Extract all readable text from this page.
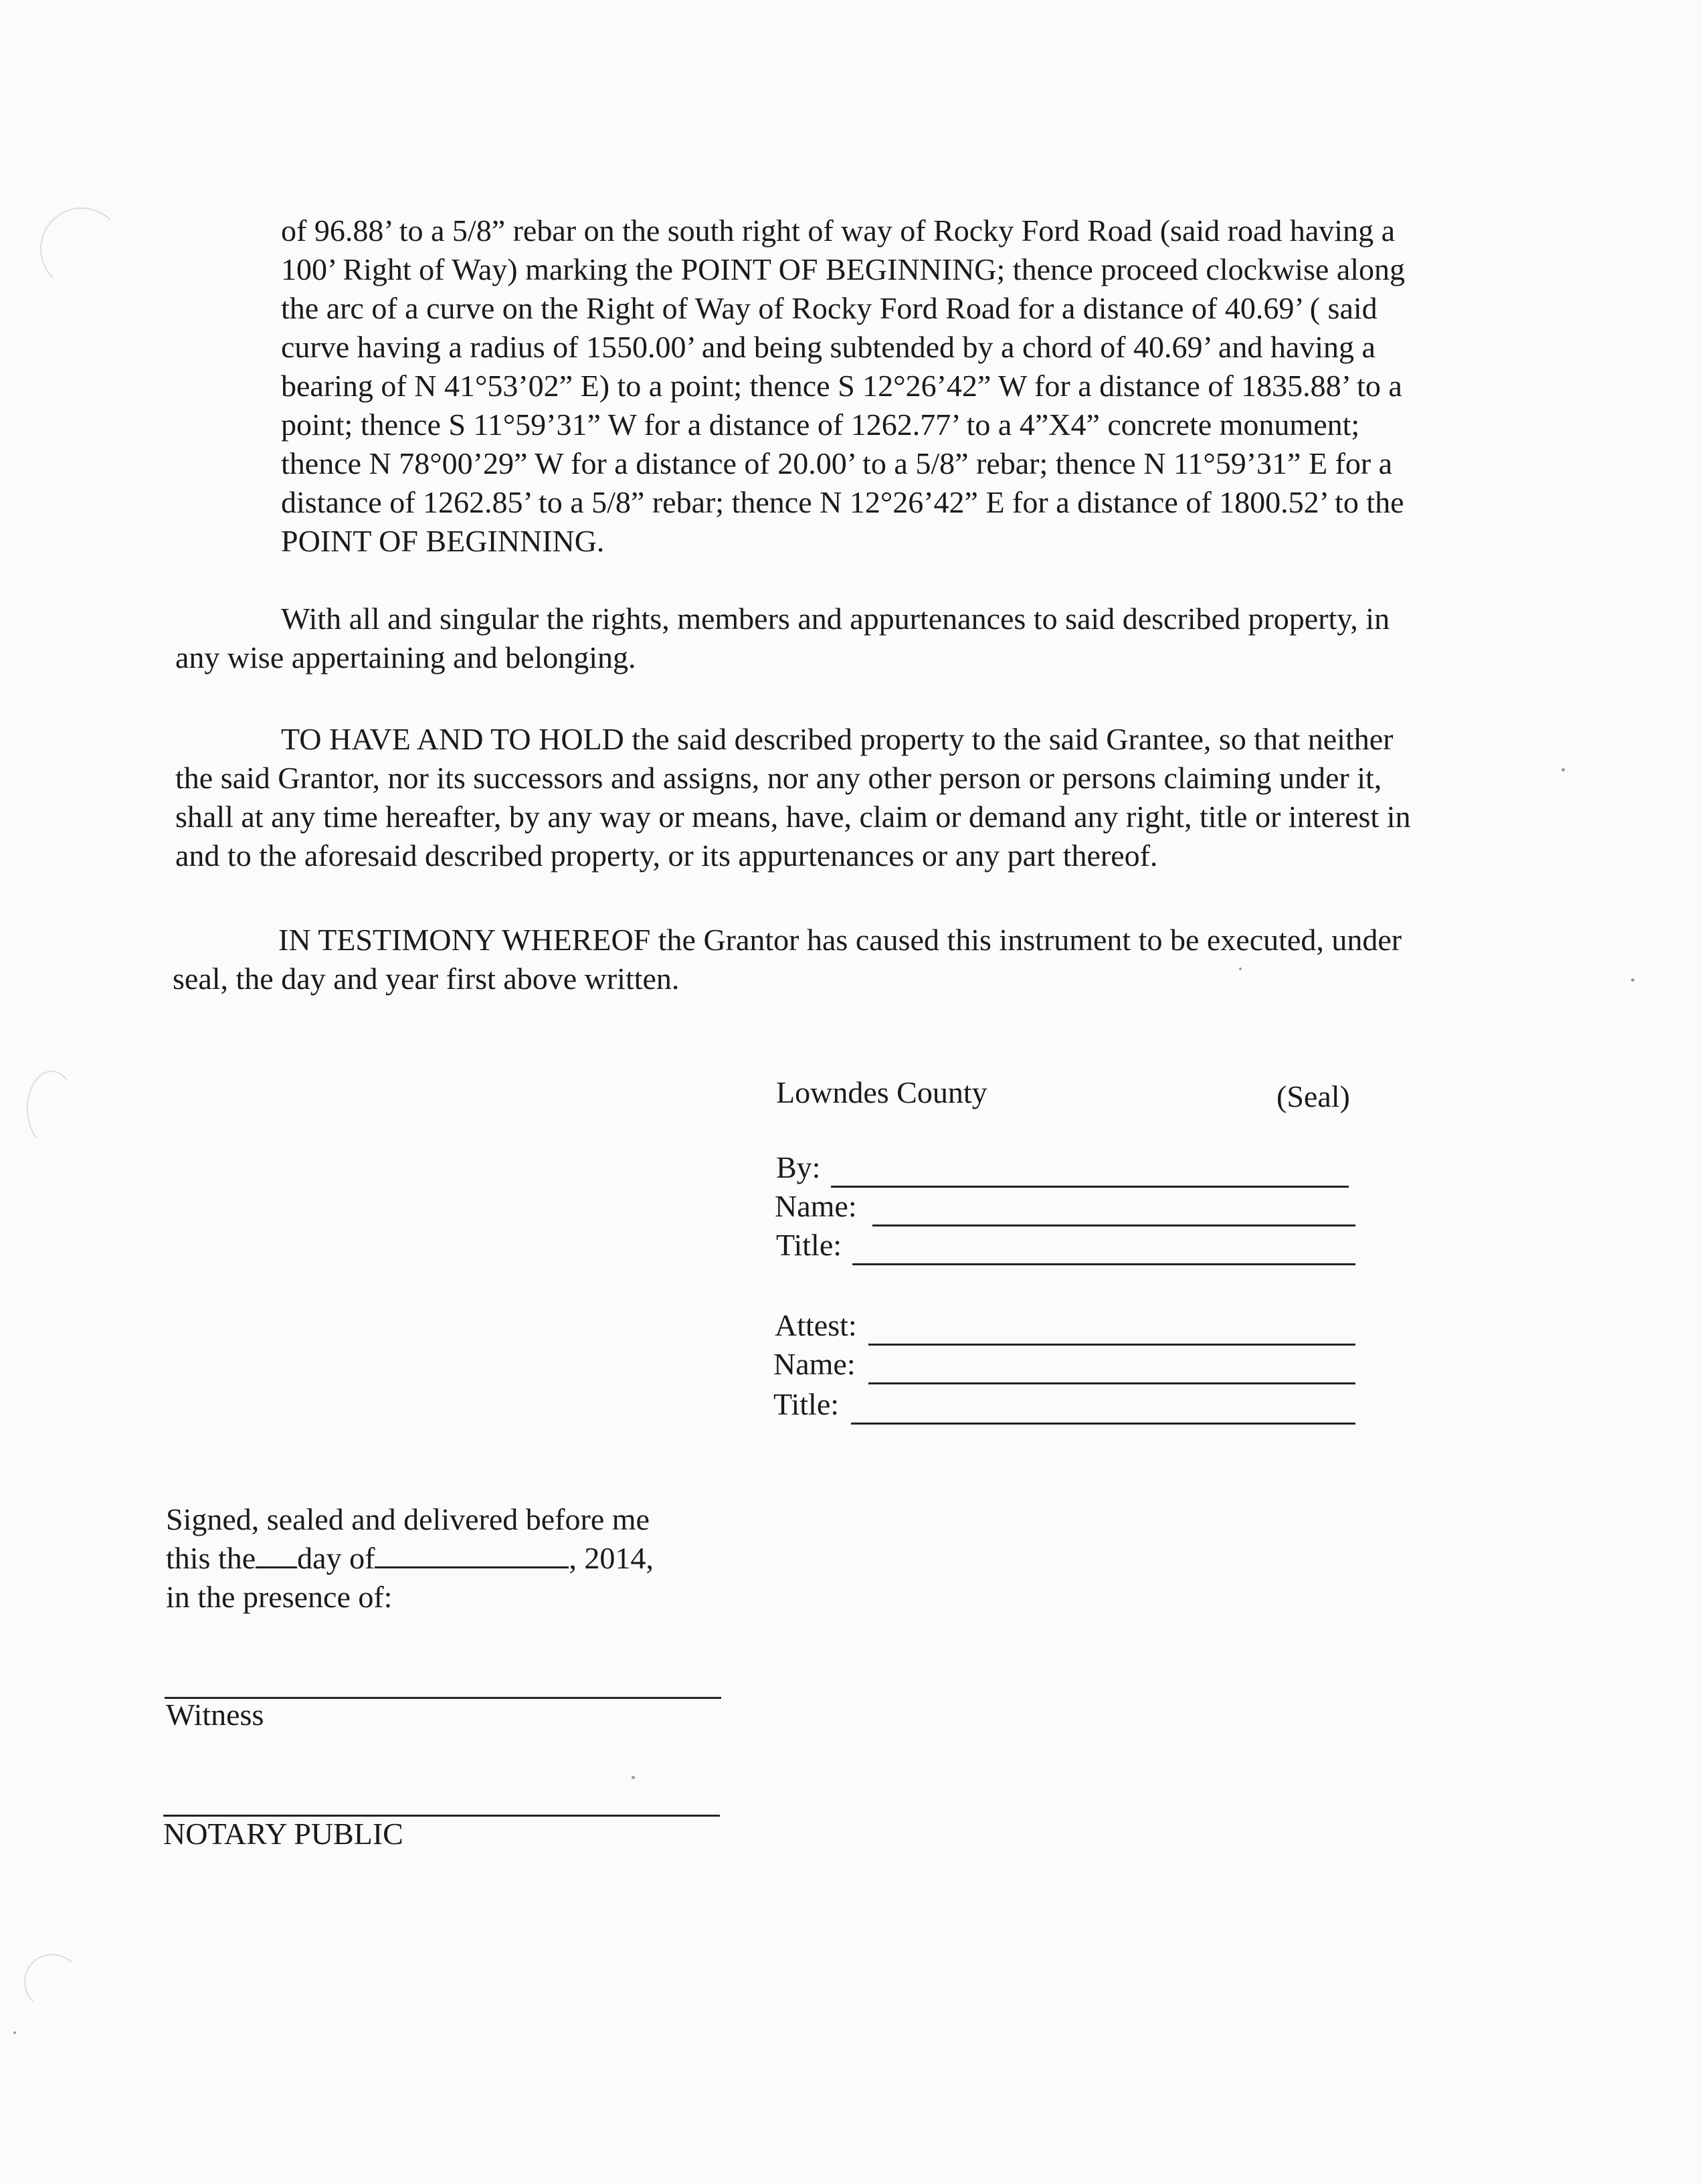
of 96.88’ to a 5/8” rebar on the south right of way of Rocky Ford Road (said road having a
100’ Right of Way) marking the POINT OF BEGINNING; thence proceed clockwise along
the arc of a curve on the Right of Way of Rocky Ford Road for a distance of 40.69’ ( said
curve having a radius of 1550.00’ and being subtended by a chord of 40.69’ and having a
bearing of N 41°53’02” E) to a point; thence S 12°26’42” W for a distance of 1835.88’ to a
point; thence S 11°59’31” W for a distance of 1262.77’ to a 4”X4” concrete monument;
thence N 78°00’29” W for a distance of 20.00’ to a 5/8” rebar; thence N 11°59’31” E for a
distance of 1262.85’ to a 5/8” rebar; thence N 12°26’42” E for a distance of 1800.52’ to the
POINT OF BEGINNING.
With all and singular the rights, members and appurtenances to said described property, in
any wise appertaining and belonging.
TO HAVE AND TO HOLD the said described property to the said Grantee, so that neither
the said Grantor, nor its successors and assigns, nor any other person or persons claiming under it,
shall at any time hereafter, by any way or means, have, claim or demand any right, title or interest in
and to the aforesaid described property, or its appurtenances or any part thereof.
IN TESTIMONY WHEREOF the Grantor has caused this instrument to be executed, under
seal, the day and year first above written.
Lowndes County	(Seal)
By:
Name:
Title:
Attest:
Name:
Title:
Signed, sealed and delivered before me
this the day of	, 2014,
in the presence of:
Witness
NOTARY PUBLIC
